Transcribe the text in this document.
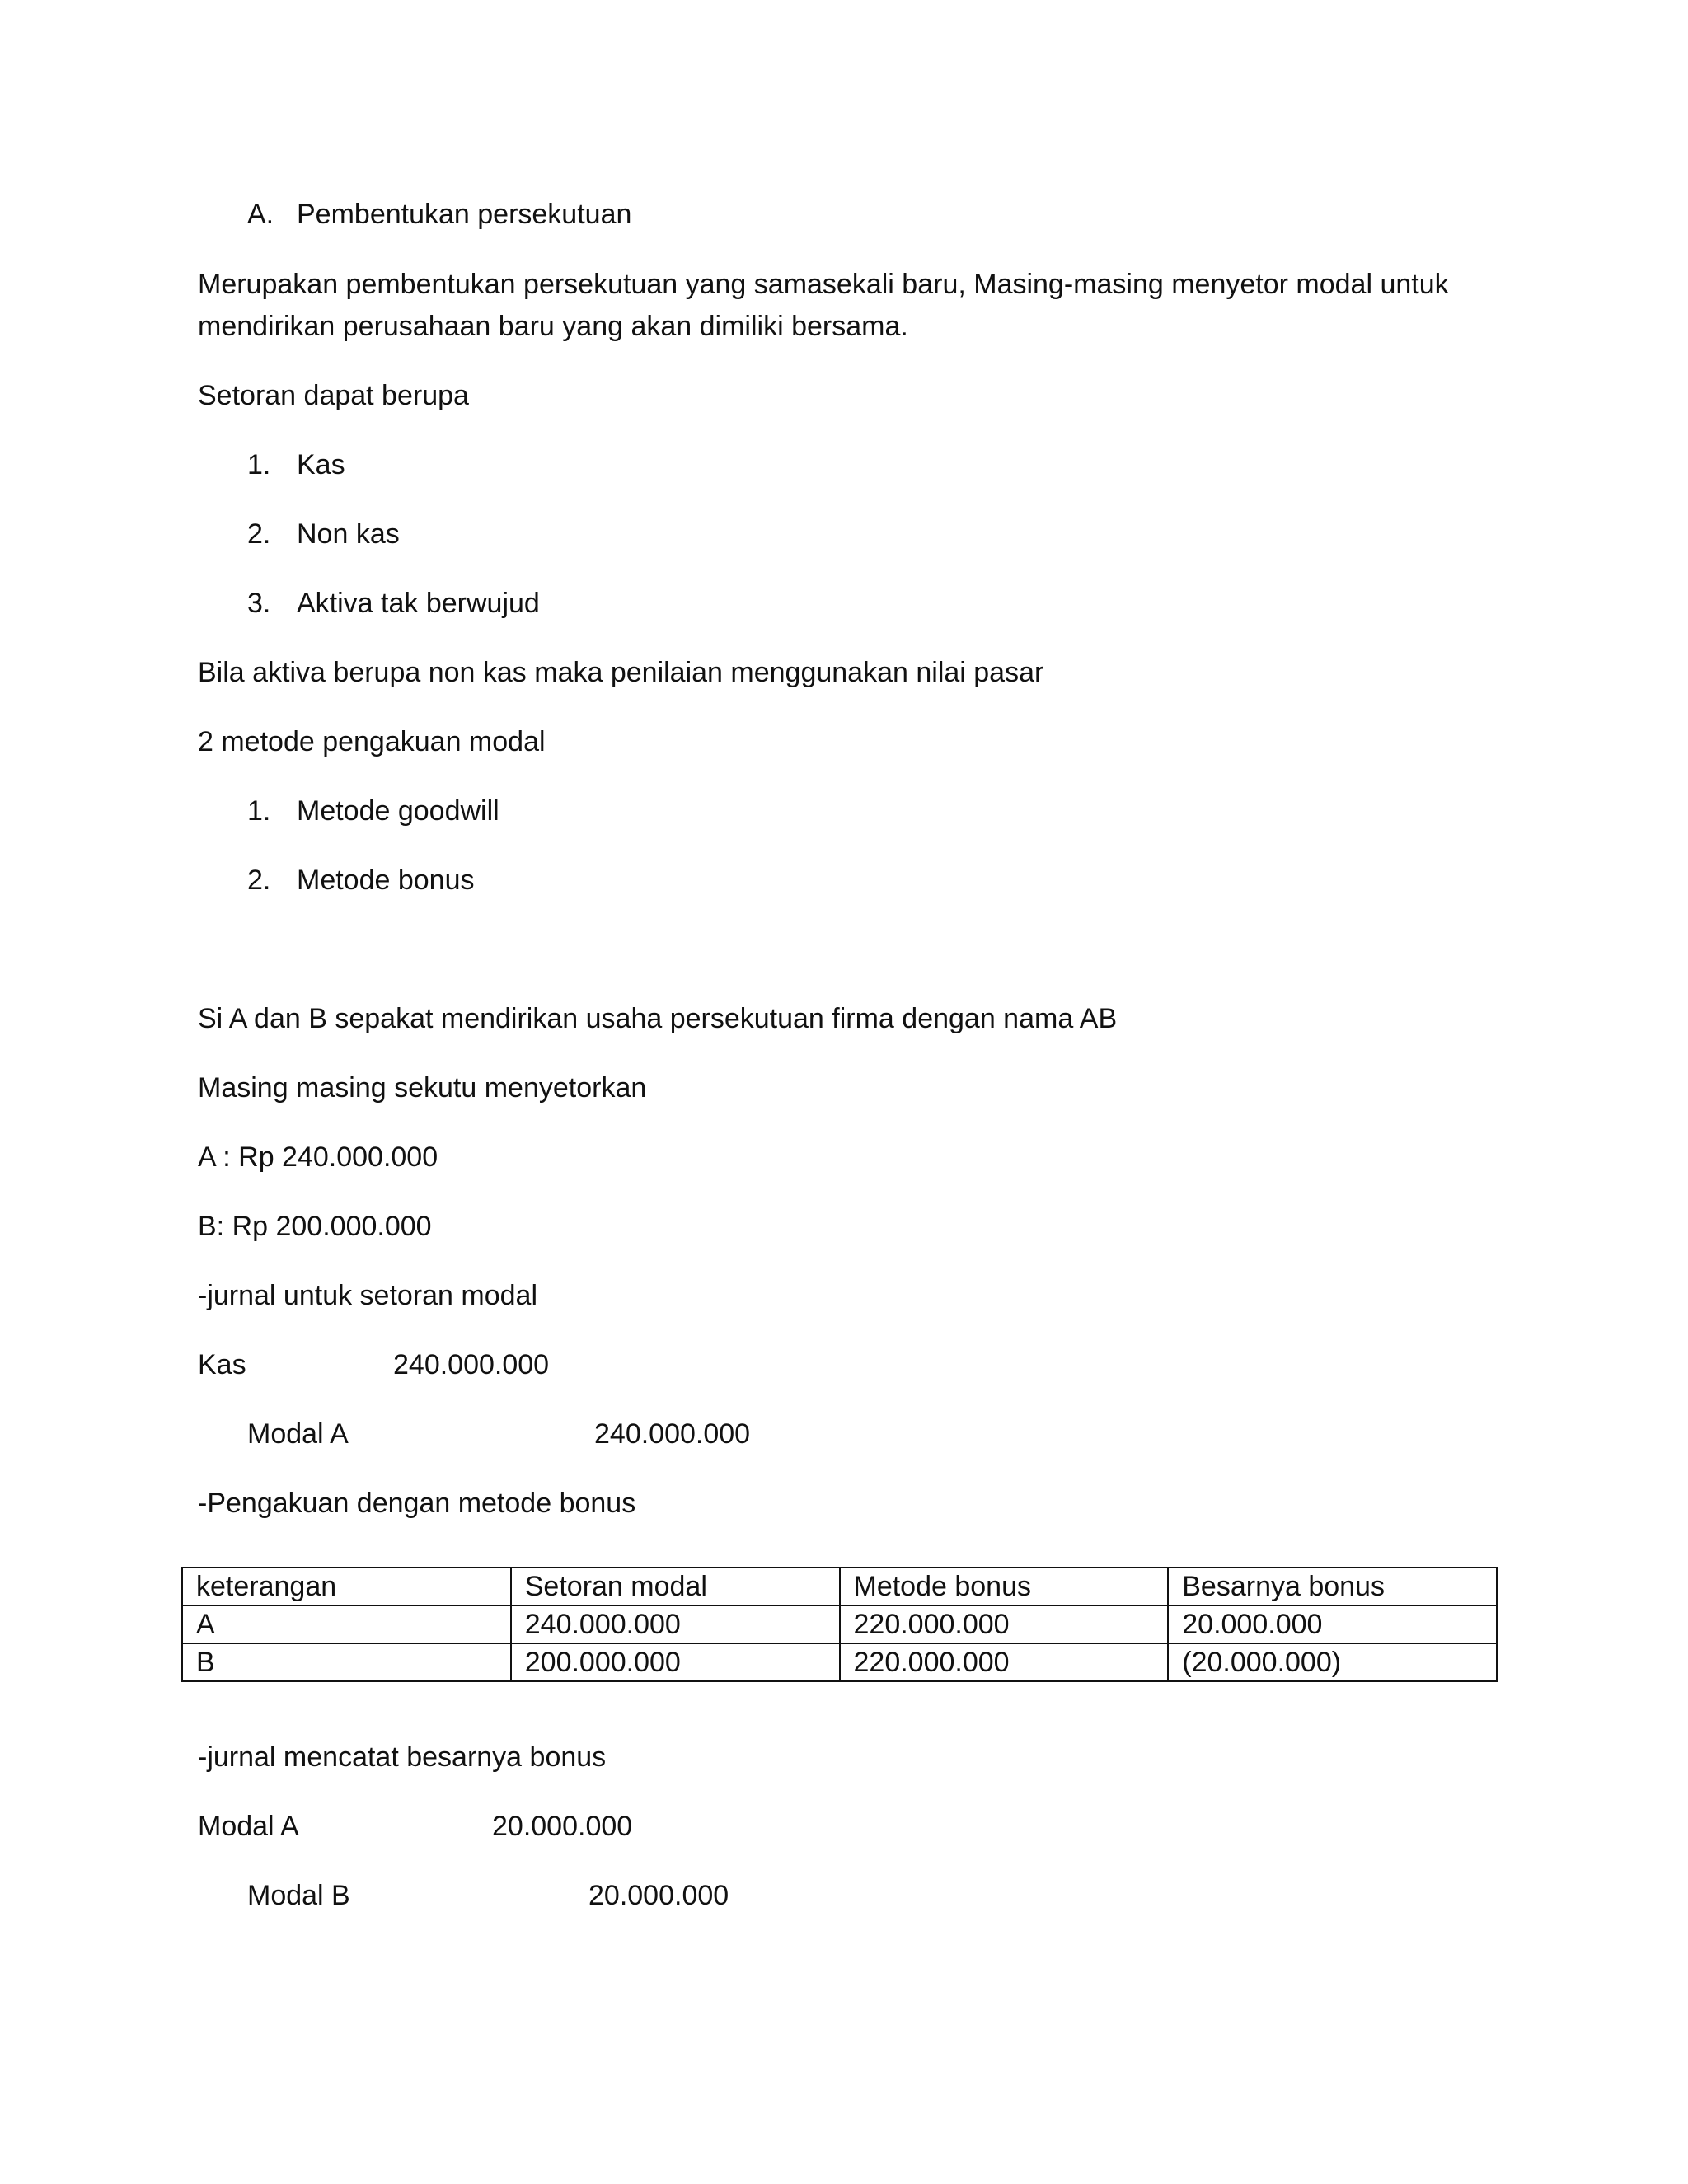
A. Pembentukan persekutuan

Merupakan pembentukan persekutuan yang samasekali baru, Masing-masing menyetor modal untuk mendirikan perusahaan baru yang akan dimiliki bersama.

Setoran dapat berupa

1. Kas

2. Non kas

3. Aktiva tak berwujud

Bila aktiva berupa non kas maka penilaian menggunakan nilai pasar

2 metode pengakuan modal

1. Metode goodwill

2. Metode bonus

Si A dan B sepakat mendirikan usaha persekutuan firma dengan nama AB

Masing masing sekutu menyetorkan

A : Rp 240.000.000

B: Rp 200.000.000

-jurnal untuk setoran modal

Kas	240.000.000

Modal A	240.000.000

-Pengakuan dengan metode bonus

keterangan	Setoran modal	Metode bonus	Besarnya bonus
A	240.000.000	220.000.000	20.000.000
B	200.000.000	220.000.000	(20.000.000)

-jurnal mencatat besarnya bonus

Modal A	20.000.000

Modal B	20.000.000
